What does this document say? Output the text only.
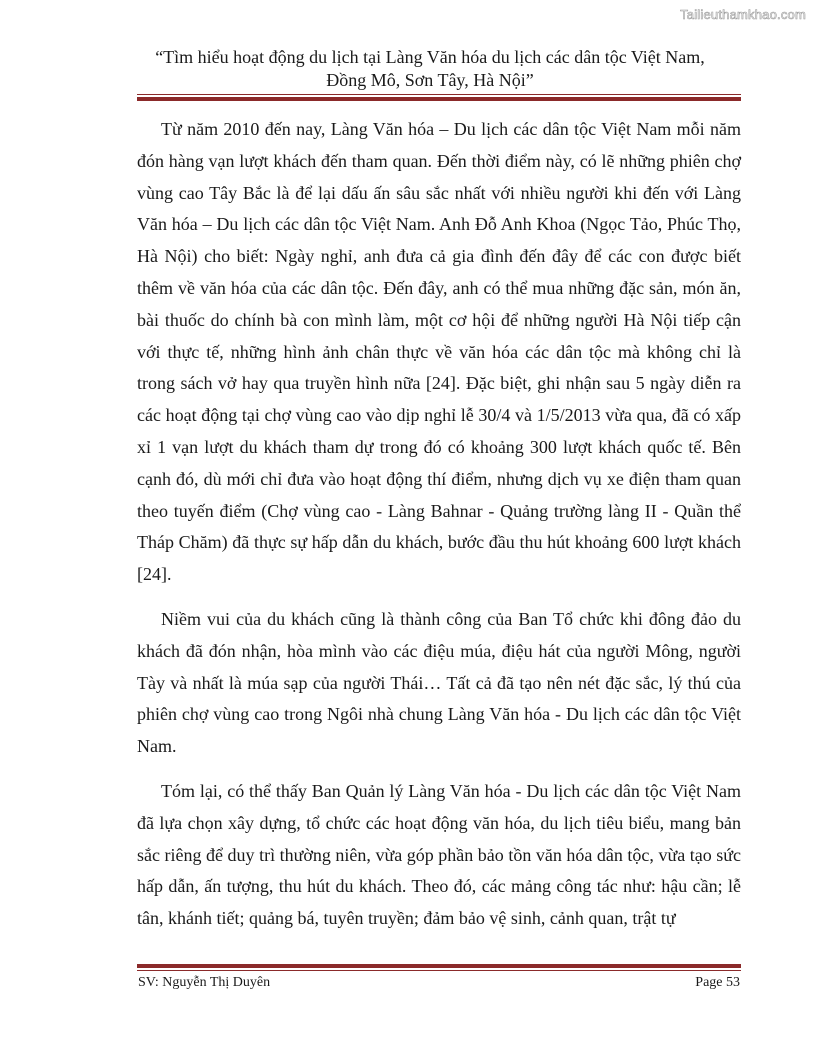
Tailieuthamkhao.com
“Tìm hiểu hoạt động du lịch tại Làng Văn hóa du lịch các dân tộc Việt Nam,
Đồng Mô, Sơn Tây, Hà Nội”

Từ năm 2010 đến nay, Làng Văn hóa – Du lịch các dân tộc Việt Nam mỗi năm đón hàng vạn lượt khách đến tham quan. Đến thời điểm này, có lẽ những phiên chợ vùng cao Tây Bắc là để lại dấu ấn sâu sắc nhất với nhiều người khi đến với Làng Văn hóa – Du lịch các dân tộc Việt Nam. Anh Đỗ Anh Khoa (Ngọc Tảo, Phúc Thọ, Hà Nội) cho biết: Ngày nghỉ, anh đưa cả gia đình đến đây để các con được biết thêm về văn hóa của các dân tộc. Đến đây, anh có thể mua những đặc sản, món ăn, bài thuốc do chính bà con mình làm, một cơ hội để những người Hà Nội tiếp cận với thực tế, những hình ảnh chân thực về văn hóa các dân tộc mà không chỉ là trong sách vở hay qua truyền hình nữa [24]. Đặc biệt, ghi nhận sau 5 ngày diễn ra các hoạt động tại chợ vùng cao vào dịp nghỉ lễ 30/4 và 1/5/2013 vừa qua, đã có xấp xỉ 1 vạn lượt du khách tham dự trong đó có khoảng 300 lượt khách quốc tế. Bên cạnh đó, dù mới chỉ đưa vào hoạt động thí điểm, nhưng dịch vụ xe điện tham quan theo tuyến điểm (Chợ vùng cao - Làng Bahnar - Quảng trường làng II - Quần thể Tháp Chăm) đã thực sự hấp dẫn du khách, bước đầu thu hút khoảng 600 lượt khách [24].

Niềm vui của du khách cũng là thành công của Ban Tổ chức khi đông đảo du khách đã đón nhận, hòa mình vào các điệu múa, điệu hát của người Mông, người Tày và nhất là múa sạp của người Thái… Tất cả đã tạo nên nét đặc sắc, lý thú của phiên chợ vùng cao trong Ngôi nhà chung Làng Văn hóa - Du lịch các dân tộc Việt Nam.

Tóm lại, có thể thấy Ban Quản lý Làng Văn hóa - Du lịch các dân tộc Việt Nam đã lựa chọn xây dựng, tổ chức các hoạt động văn hóa, du lịch tiêu biểu, mang bản sắc riêng để duy trì thường niên, vừa góp phần bảo tồn văn hóa dân tộc, vừa tạo sức hấp dẫn, ấn tượng, thu hút du khách. Theo đó, các mảng công tác như: hậu cần; lễ tân, khánh tiết; quảng bá, tuyên truyền; đảm bảo vệ sinh, cảnh quan, trật tự

SV: Nguyễn Thị Duyên	Page 53
